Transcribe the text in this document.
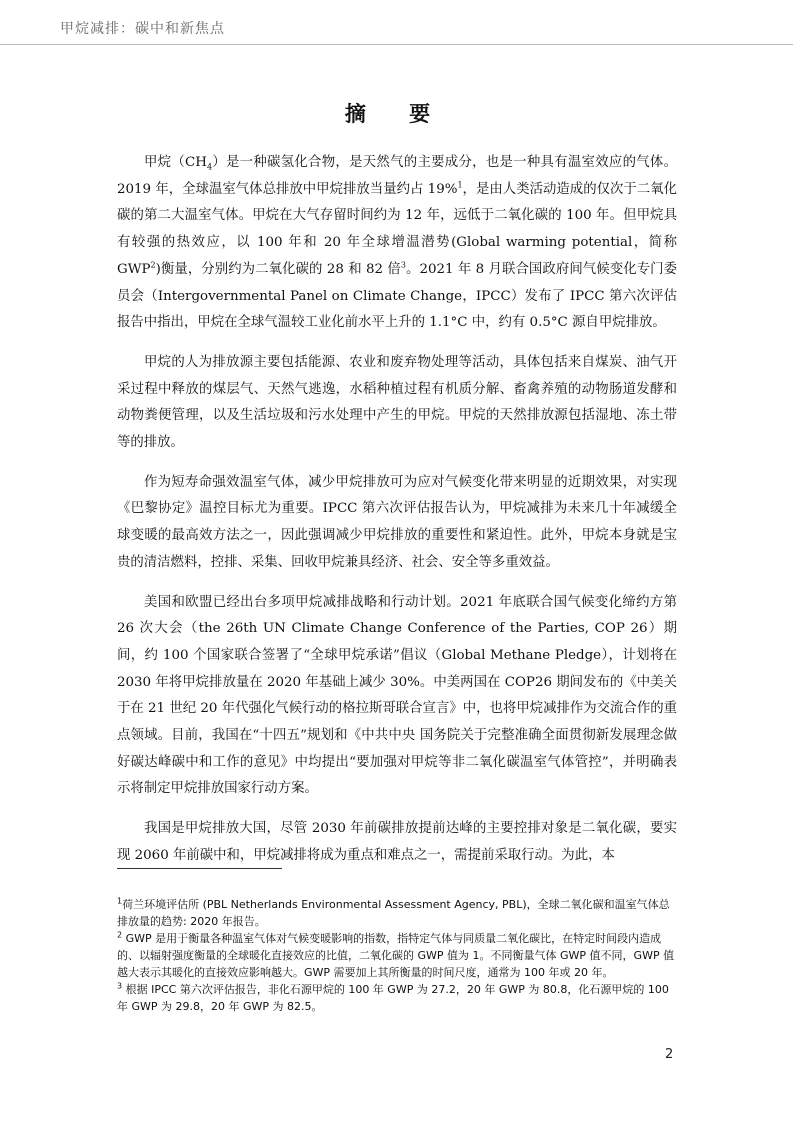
甲烷减排：碳中和新焦点
摘 要

甲烷$(CH_4)$是一种碳氢化合物，是天然气的主要成分，也是一种具有温室效应的气体。2019 年，全球温室气体总排放中甲烷排放当量约占 19%$^1$，是由人类活动造成的仅次于二氧化碳的第二大温室气体。甲烷在大气存留时间约为 12 年，远低于二氧化碳的 100 年。但甲烷具有较强的热效应，以 100 年和 20 年全球增温潜势(Global warming potential，简称 GWP$^2$)衡量，分别约为二氧化碳的 28 和 82 倍$^3$。2021 年 8 月联合国政府间气候变化专门委员会（Intergovernmental Panel on Climate Change，IPCC）发布了 IPCC 第六次评估报告中指出，甲烷在全球气温较工业化前水平上升的 1.1°C 中，约有 0.5°C 源自甲烷排放。

甲烷的人为排放源主要包括能源、农业和废弃物处理等活动，具体包括来自煤炭、油气开采过程中释放的煤层气、天然气逃逸，水稻种植过程有机质分解、畜禽养殖的动物肠道发酵和动物粪便管理，以及生活垃圾和污水处理中产生的甲烷。甲烷的天然排放源包括湿地、冻土带等的排放。

作为短寿命强效温室气体，减少甲烷排放可为应对气候变化带来明显的近期效果，对实现《巴黎协定》温控目标尤为重要。IPCC 第六次评估报告认为，甲烷减排为未来几十年减缓全球变暖的最高效方法之一，因此强调减少甲烷排放的重要性和紧迫性。此外，甲烷本身就是宝贵的清洁燃料，控排、采集、回收甲烷兼具经济、社会、安全等多重效益。

美国和欧盟已经出台多项甲烷减排战略和行动计划。2021 年底联合国气候变化缔约方第 26 次大会（the 26th UN Climate Change Conference of the Parties, COP 26）期间，约 100 个国家联合签署了“全球甲烷承诺”倡议（Global Methane Pledge），计划将在 2030 年将甲烷排放量在 2020 年基础上减少 30%。中美两国在 COP26 期间发布的《中美关于在 21 世纪 20 年代强化气候行动的格拉斯哥联合宣言》中，也将甲烷减排作为交流合作的重点领域。目前，我国在“十四五”规划和《中共中央 国务院关于完整准确全面贯彻新发展理念做好碳达峰碳中和工作的意见》中均提出“要加强对甲烷等非二氧化碳温室气体管控”，并明确表示将制定甲烷排放国家行动方案。

我国是甲烷排放大国，尽管 2030 年前碳排放提前达峰的主要控排对象是二氧化碳，要实现 2060 年前碳中和，甲烷减排将成为重点和难点之一，需提前采取行动。为此，本

$^1$荷兰环境评估所 (PBL Netherlands Environmental Assessment Agency, PBL)，全球二氧化碳和温室气体总排放量的趋势: 2020 年报告。

$^2$ GWP 是用于衡量各种温室气体对气候变暖影响的指数，指特定气体与同质量二氧化碳比，在特定时间段内造成的、以辐射强度衡量的全球暖化直接效应的比值，二氧化碳的 GWP 值为 1。不同衡量气体 GWP 值不同，GWP 值越大表示其暖化的直接效应影响越大。GWP 需要加上其所衡量的时间尺度，通常为 100 年或 20 年。

$^3$ 根据 IPCC 第六次评估报告，非化石源甲烷的 100 年 GWP 为 27.2，20 年 GWP 为 80.8，化石源甲烷的 100 年 GWP 为 29.8，20 年 GWP 为 82.5。

2
